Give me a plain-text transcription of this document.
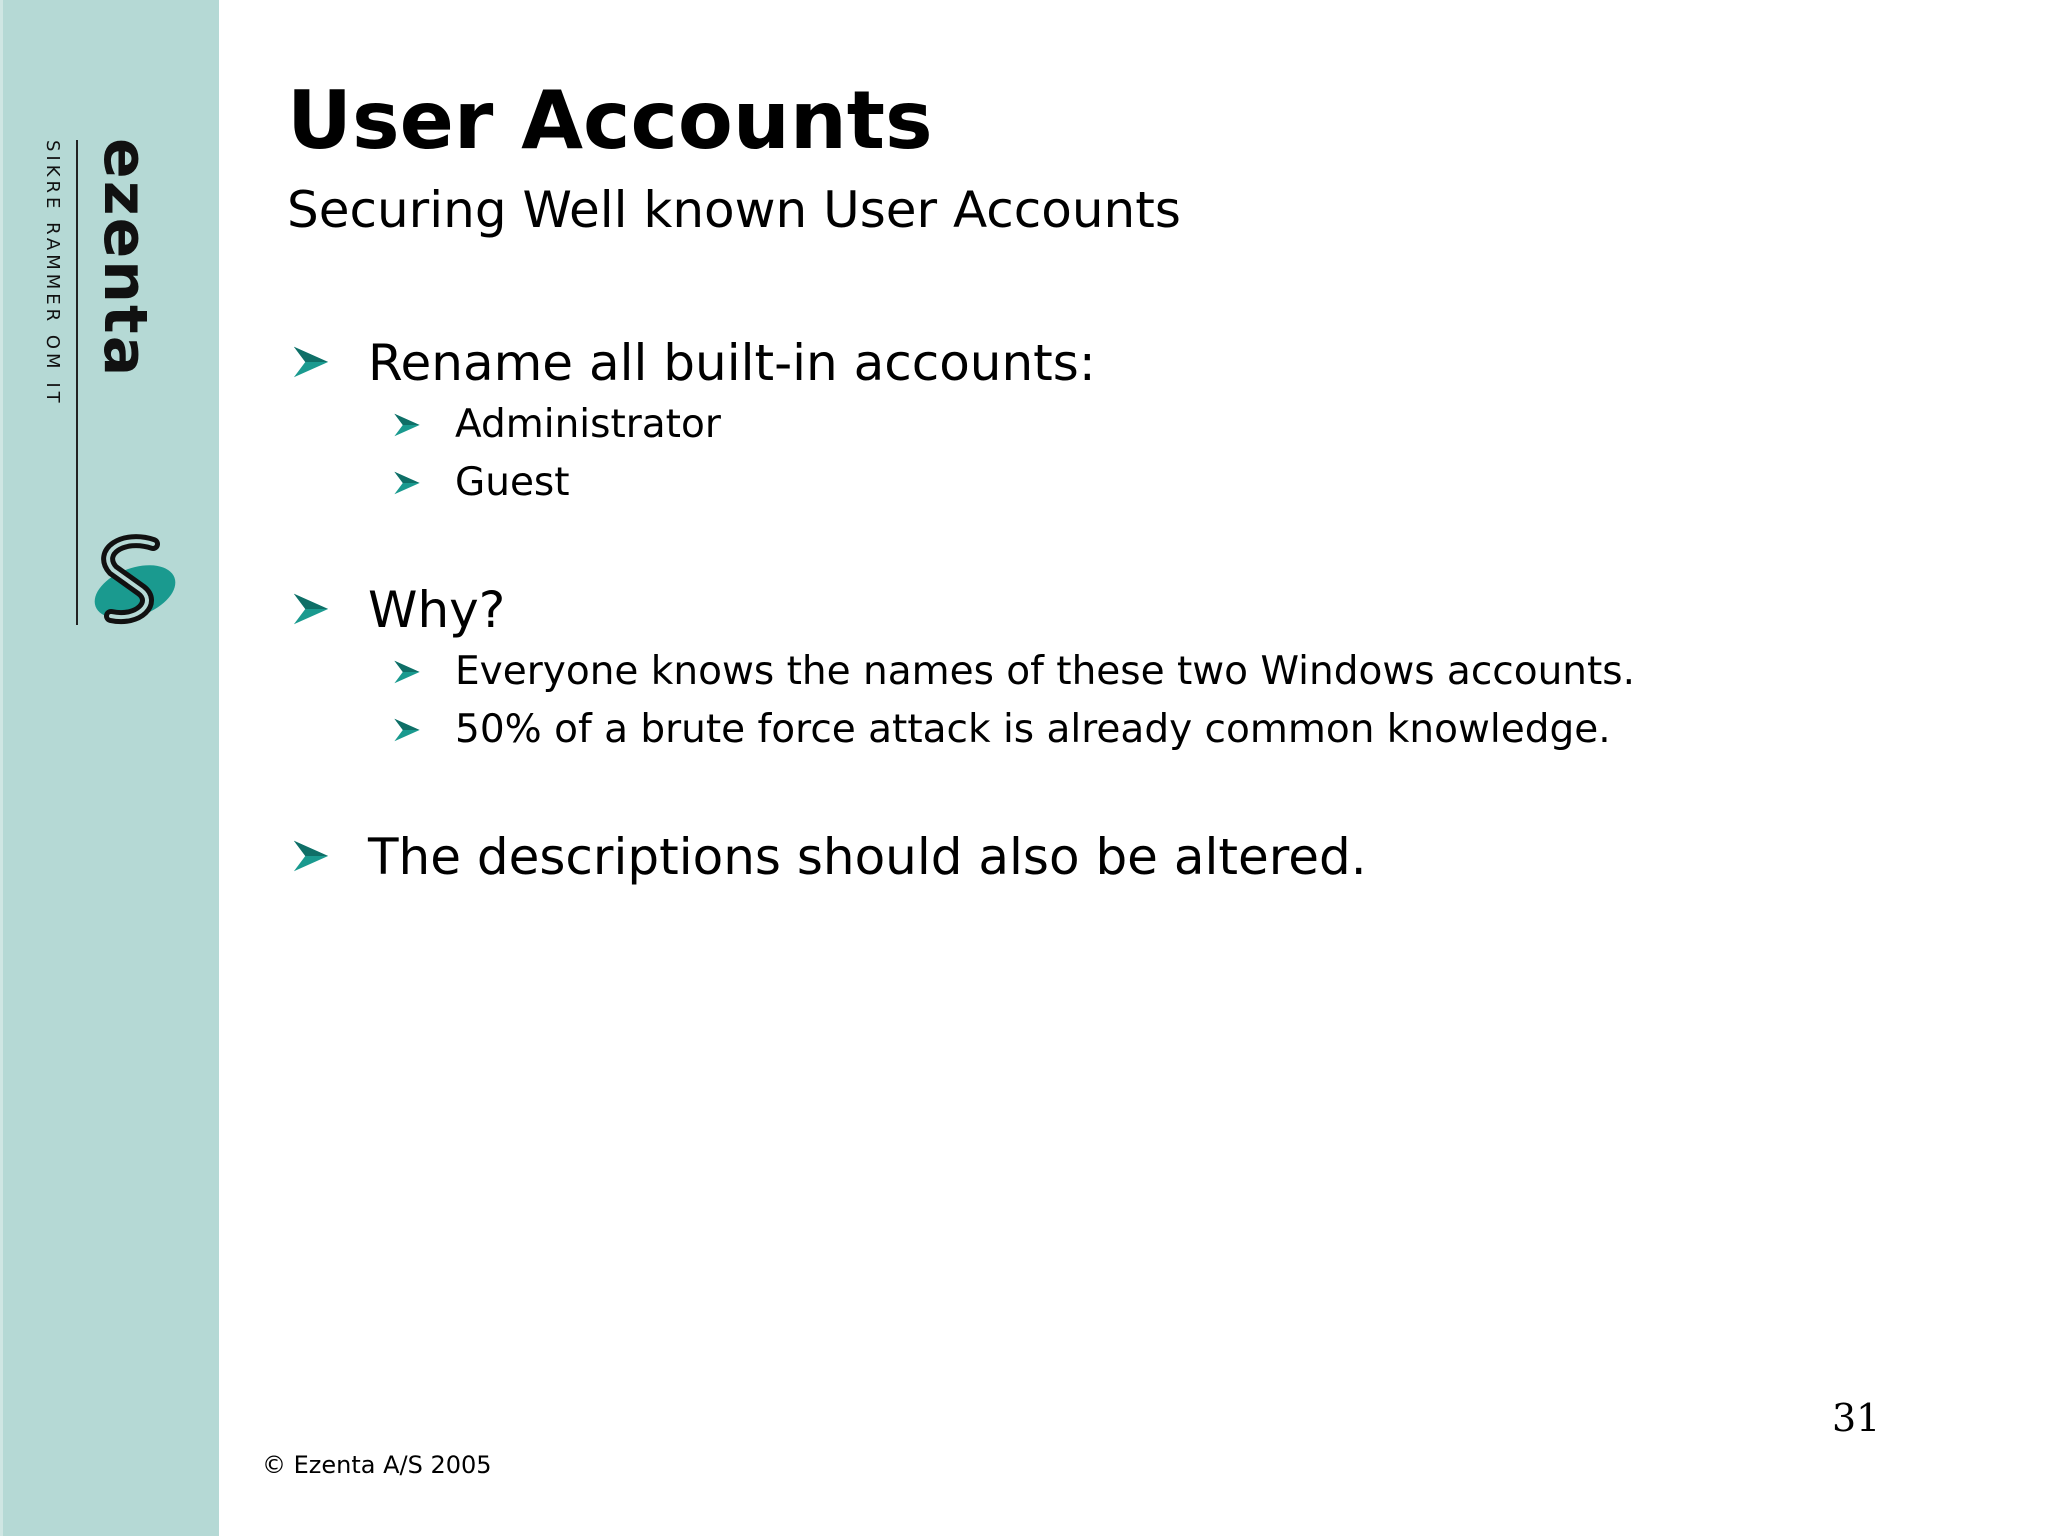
SIKRE RAMMER OM IT ezenta
User Accounts
Securing Well known User Accounts
Rename all built-in accounts:
Administrator
Guest
Why?
Everyone knows the names of these two Windows accounts.
50% of a brute force attack is already common knowledge.
The descriptions should also be altered.
31
© Ezenta A/S 2005
